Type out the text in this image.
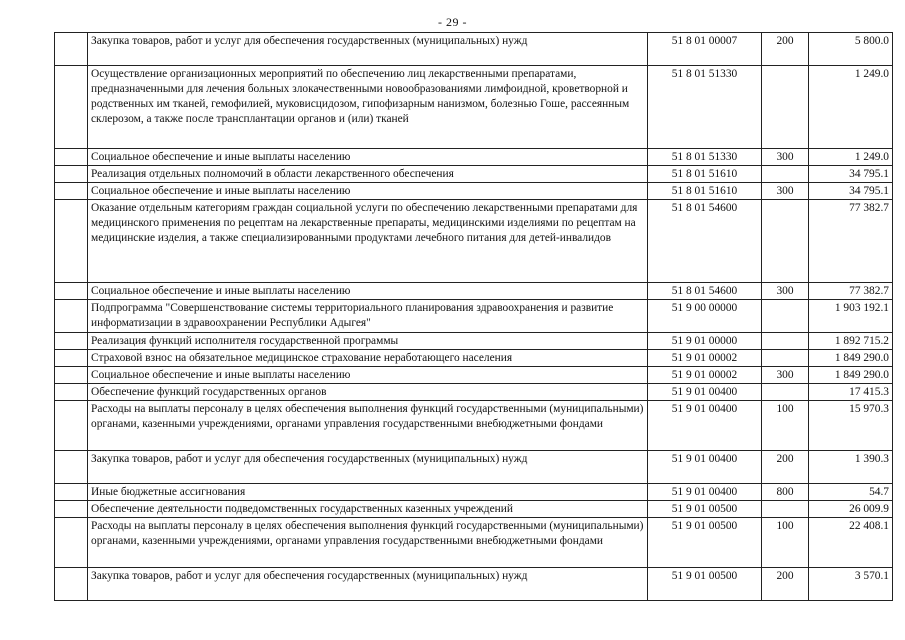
- 29 -
	Закупка товаров, работ и услуг для обеспечения государственных (муниципальных) нужд	51 8 01 00007	200	5 800.0
	Осуществление организационных мероприятий по обеспечению лиц лекарственными препаратами, предназначенными для лечения больных злокачественными новообразованиями лимфоидной, кроветворной и родственных им тканей, гемофилией, муковисцидозом, гипофизарным нанизмом, болезнью Гоше, рассеянным склерозом, а также после трансплантации органов и (или) тканей	51 8 01 51330		1 249.0
	Социальное обеспечение и иные выплаты населению	51 8 01 51330	300	1 249.0
	Реализация отдельных полномочий в области лекарственного обеспечения	51 8 01 51610		34 795.1
	Социальное обеспечение и иные выплаты населению	51 8 01 51610	300	34 795.1
	Оказание отдельным категориям граждан социальной услуги по обеспечению лекарственными препаратами для медицинского применения по рецептам на лекарственные препараты, медицинскими изделиями по рецептам на медицинские изделия, а также специализированными продуктами лечебного питания для детей-инвалидов	51 8 01 54600		77 382.7
	Социальное обеспечение и иные выплаты населению	51 8 01 54600	300	77 382.7
	Подпрограмма "Совершенствование системы территориального планирования здравоохранения и развитие информатизации в здравоохранении Республики Адыгея"	51 9 00 00000		1 903 192.1
	Реализация функций исполнителя государственной программы	51 9 01 00000		1 892 715.2
	Страховой взнос на обязательное медицинское страхование неработающего населения	51 9 01 00002		1 849 290.0
	Социальное обеспечение и иные выплаты населению	51 9 01 00002	300	1 849 290.0
	Обеспечение функций государственных органов	51 9 01 00400		17 415.3
	Расходы на выплаты персоналу в целях обеспечения выполнения функций государственными (муниципальными) органами, казенными учреждениями, органами управления государственными внебюджетными фондами	51 9 01 00400	100	15 970.3
	Закупка товаров, работ и услуг для обеспечения государственных (муниципальных) нужд	51 9 01 00400	200	1 390.3
	Иные бюджетные ассигнования	51 9 01 00400	800	54.7
	Обеспечение деятельности подведомственных государственных казенных учреждений	51 9 01 00500		26 009.9
	Расходы на выплаты персоналу в целях обеспечения выполнения функций государственными (муниципальными) органами, казенными учреждениями, органами управления государственными внебюджетными фондами	51 9 01 00500	100	22 408.1
	Закупка товаров, работ и услуг для обеспечения государственных (муниципальных) нужд	51 9 01 00500	200	3 570.1
